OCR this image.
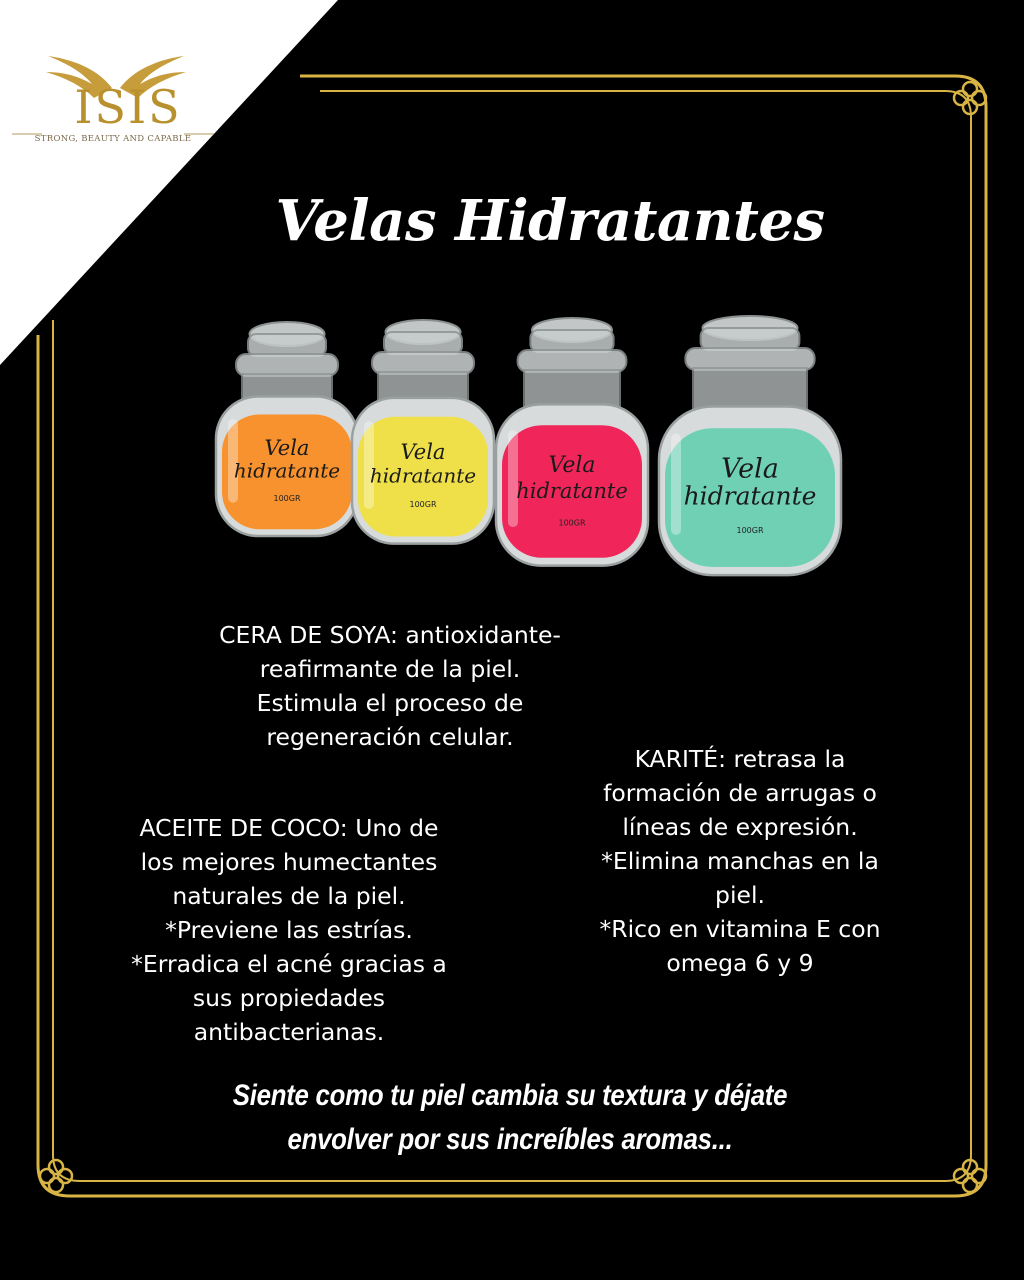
ISIS
STRONG, BEAUTY AND CAPABLE
Velas Hidratantes
Vela
hidratante
100GR
Vela
hidratante
100GR
Vela
hidratante
100GR
Vela
hidratante
100GR
CERA DE SOYA: antioxidante-
reafirmante de la piel.
Estimula el proceso de
regeneración celular.
ACEITE DE COCO: Uno de
los mejores humectantes
naturales de la piel.
*Previene las estrías.
*Erradica el acné gracias a
sus propiedades
antibacterianas.
KARITÉ: retrasa la
formación de arrugas o
líneas de expresión.
*Elimina manchas en la
piel.
*Rico en vitamina E con
omega 6 y 9
Siente como tu piel cambia su textura y déjate
envolver por sus increíbles aromas...
